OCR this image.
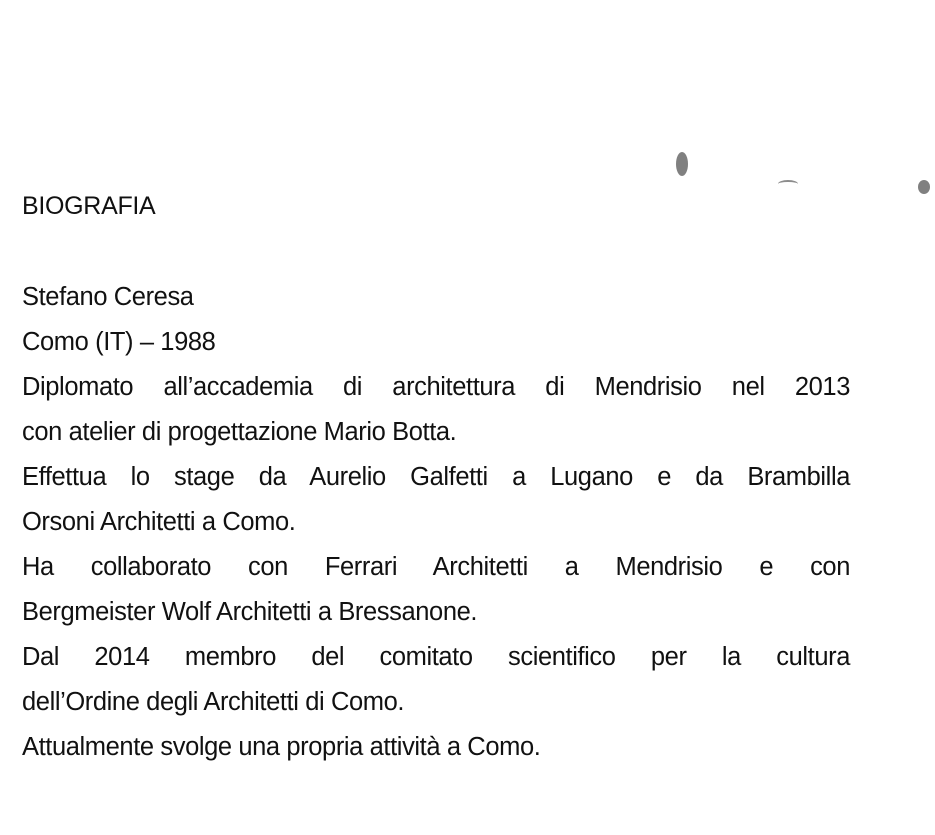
BIOGRAFIA
Stefano Ceresa
Como (IT) – 1988
Diplomato all’accademia di architettura di Mendrisio nel 2013
con atelier di progettazione Mario Botta.
Effettua lo stage da Aurelio Galfetti a Lugano e da Brambilla
Orsoni Architetti a Como.
Ha collaborato con Ferrari Architetti a Mendrisio e con
Bergmeister Wolf Architetti a Bressanone.
Dal 2014 membro del comitato scientifico per la cultura
dell’Ordine degli Architetti di Como.
Attualmente svolge una propria attività a Como.
